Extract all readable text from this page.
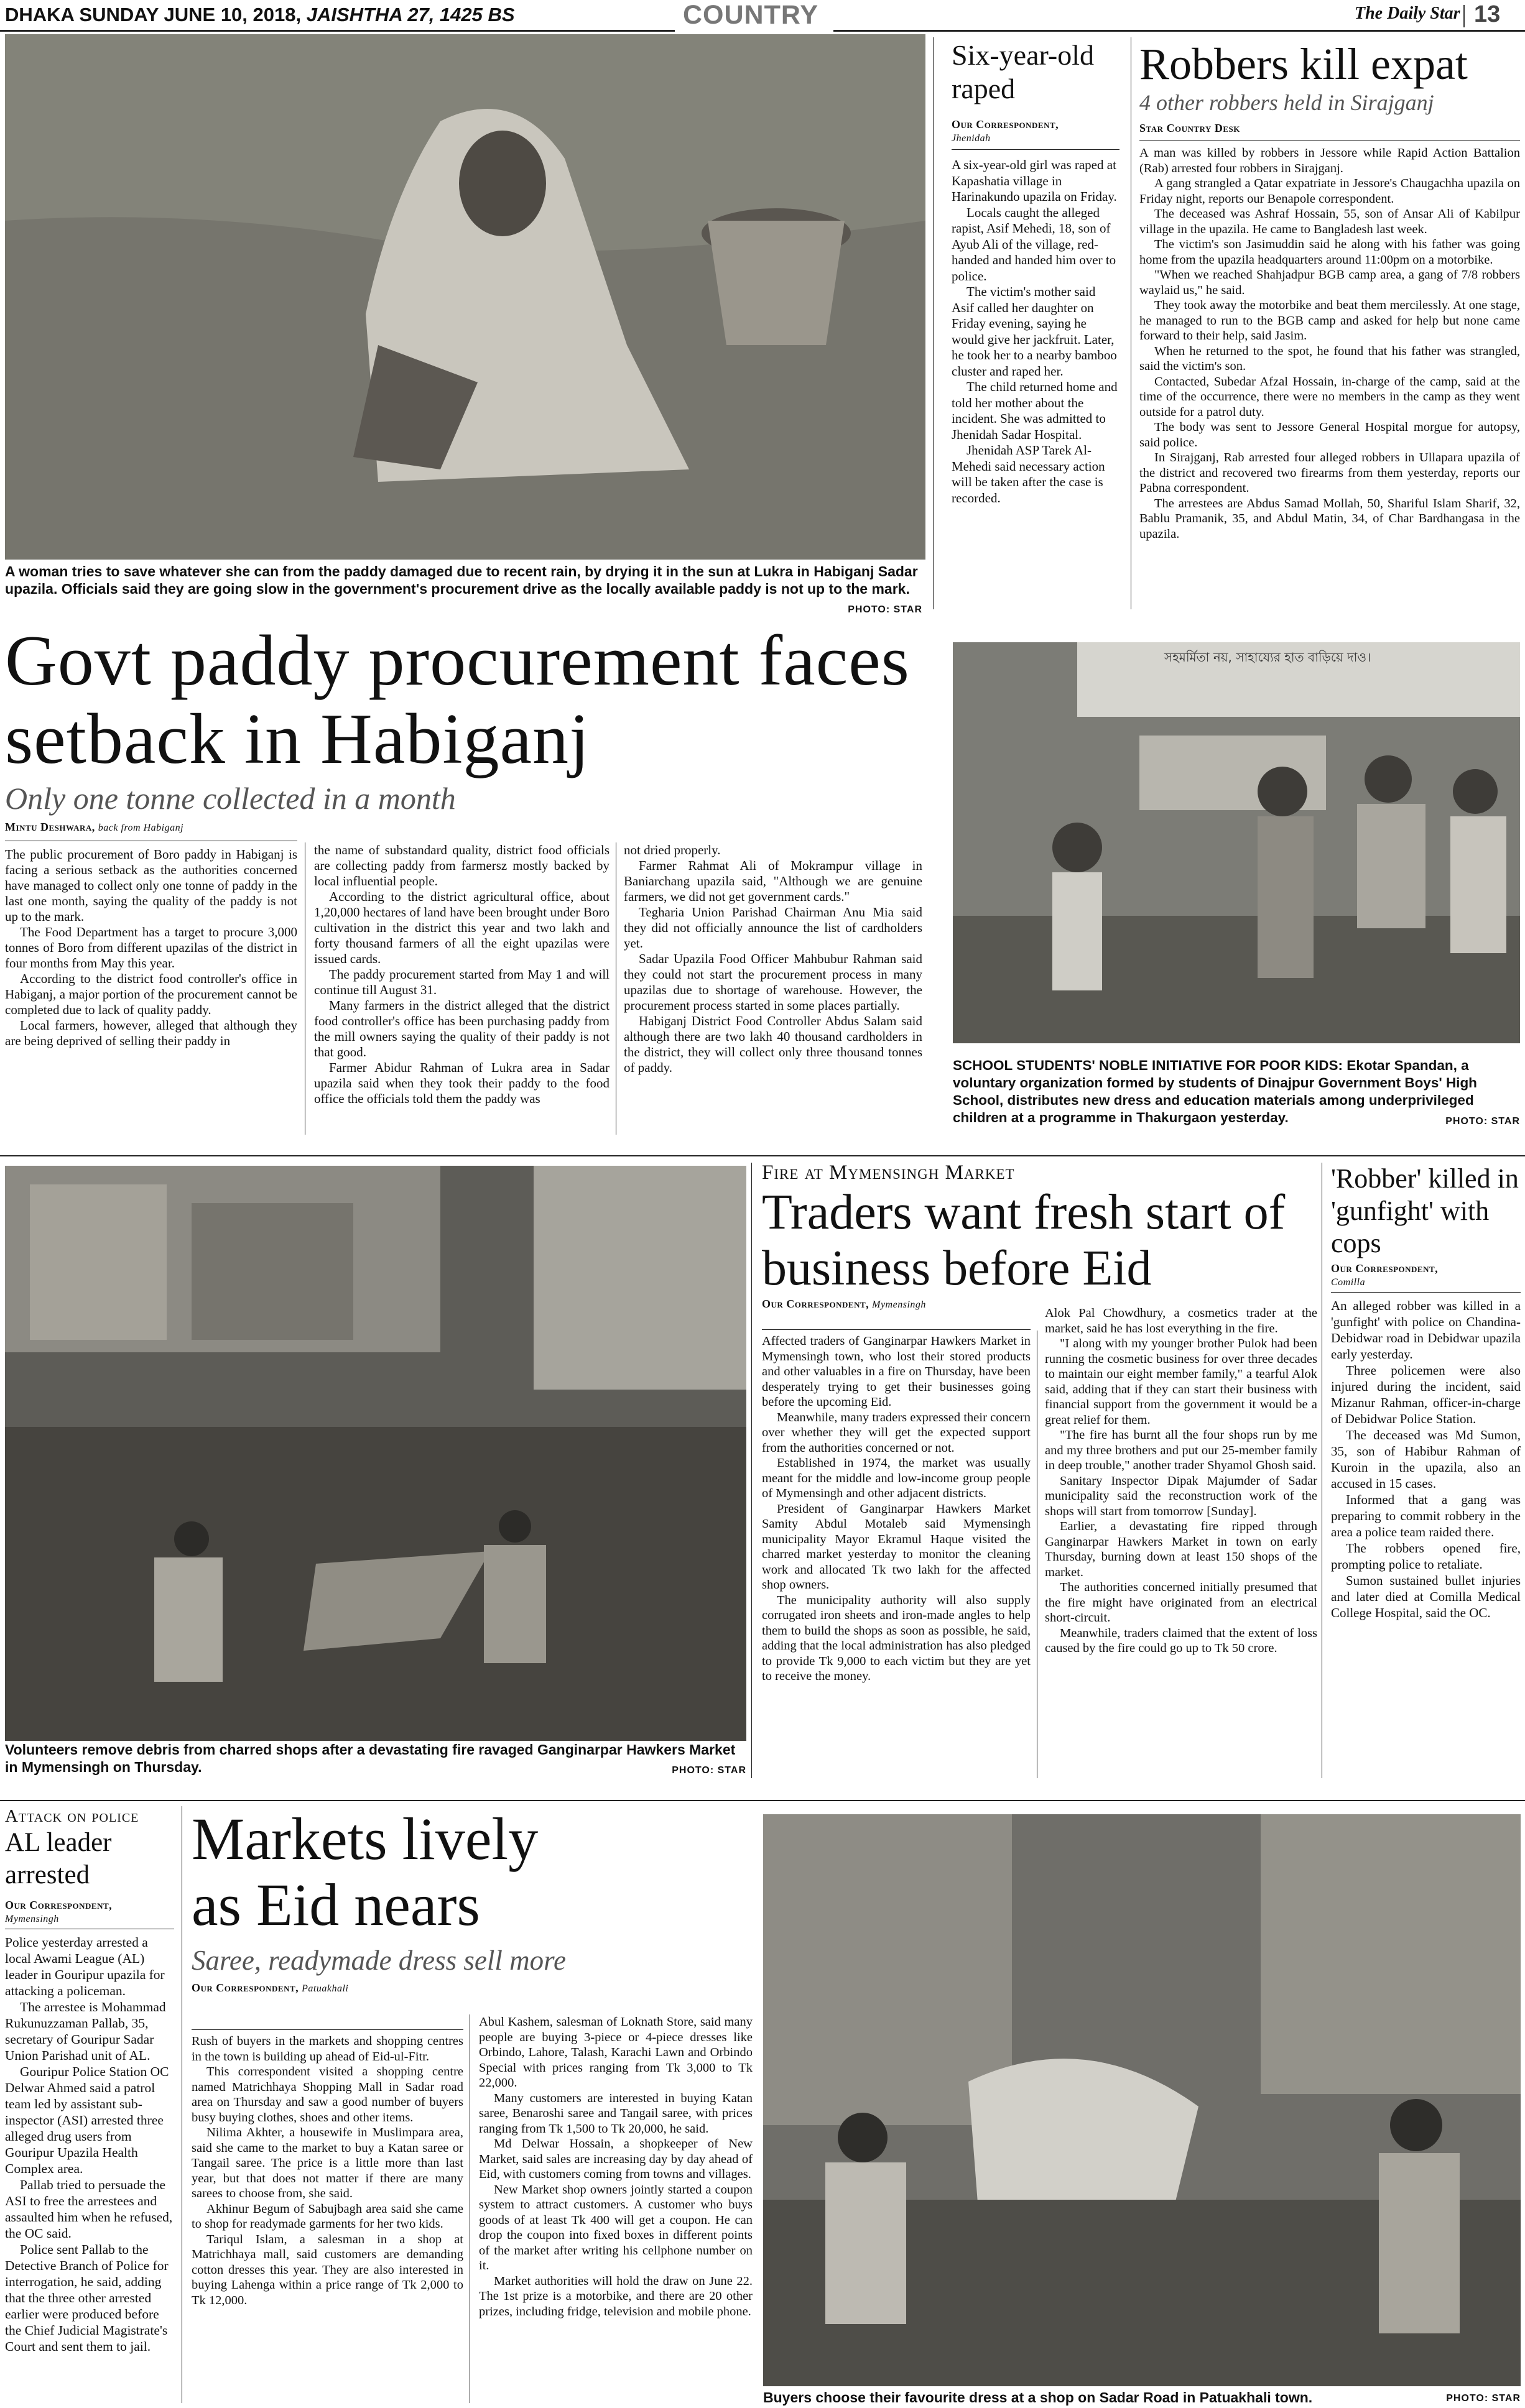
DHAKA SUNDAY JUNE 10, 2018, JAISHTHA 27, 1425 BS	COUNTRY	The Daily Star 13
A woman tries to save whatever she can from the paddy damaged due to recent rain, by drying it in the sun at Lukra in Habiganj Sadar upazila. Officials said they are going slow in the government's procurement drive as the locally available paddy is not up to the mark.
PHOTO: STAR
Six-year-old raped
Our Correspondent,
Jhenidah

A six-year-old girl was raped at Kapashatia village in Harinakundo upazila on Friday.

Locals caught the alleged rapist, Asif Mehedi, 18, son of Ayub Ali of the village, red-handed and handed him over to police.

The victim's mother said Asif called her daughter on Friday evening, saying he would give her jackfruit. Later, he took her to a nearby bamboo cluster and raped her.

The child returned home and told her mother about the incident. She was admitted to Jhenidah Sadar Hospital.

Jhenidah ASP Tarek Al-Mehedi said necessary action will be taken after the case is recorded.

Robbers kill expat
4 other robbers held in Sirajganj
Star Country Desk

A man was killed by robbers in Jessore while Rapid Action Battalion (Rab) arrested four robbers in Sirajganj.

A gang strangled a Qatar expatriate in Jessore's Chaugachha upazila on Friday night, reports our Benapole correspondent.

The deceased was Ashraf Hossain, 55, son of Ansar Ali of Kabilpur village in the upazila. He came to Bangladesh last week.

The victim's son Jasimuddin said he along with his father was going home from the upazila headquarters around 11:00pm on a motorbike.

"When we reached Shahjadpur BGB camp area, a gang of 7/8 robbers waylaid us," he said.

They took away the motorbike and beat them mercilessly. At one stage, he managed to run to the BGB camp and asked for help but none came forward to their help, said Jasim.

When he returned to the spot, he found that his father was strangled, said the victim's son.

Contacted, Subedar Afzal Hossain, in-charge of the camp, said at the time of the occurrence, there were no members in the camp as they went outside for a patrol duty.

The body was sent to Jessore General Hospital morgue for autopsy, said police.

In Sirajganj, Rab arrested four alleged robbers in Ullapara upazila of the district and recovered two firearms from them yesterday, reports our Pabna correspondent.

The arrestees are Abdus Samad Mollah, 50, Shariful Islam Sharif, 32, Bablu Pramanik, 35, and Abdul Matin, 34, of Char Bardhangasa in the upazila.

Govt paddy procurement faces setback in Habiganj
Only one tonne collected in a month
Mintu Deshwara, back from Habiganj

The public procurement of Boro paddy in Habiganj is facing a serious setback as the authorities concerned have managed to collect only one tonne of paddy in the last one month, saying the quality of the paddy is not up to the mark.

The Food Department has a target to procure 3,000 tonnes of Boro from different upazilas of the district in four months from May this year.

According to the district food controller's office in Habiganj, a major portion of the procurement cannot be completed due to lack of quality paddy.

Local farmers, however, alleged that although they are being deprived of selling their paddy in

the name of substandard quality, district food officials are collecting paddy from farmersz mostly backed by local influential people.

According to the district agricultural office, about 1,20,000 hectares of land have been brought under Boro cultivation in the district this year and two lakh and forty thousand farmers of all the eight upazilas were issued cards.

The paddy procurement started from May 1 and will continue till August 31.

Many farmers in the district alleged that the district food controller's office has been purchasing paddy from the mill owners saying the quality of their paddy is not that good.

Farmer Abidur Rahman of Lukra area in Sadar upazila said when they took their paddy to the food office the officials told them the paddy was

not dried properly.

Farmer Rahmat Ali of Mokrampur village in Baniarchang upazila said, "Although we are genuine farmers, we did not get government cards."

Tegharia Union Parishad Chairman Anu Mia said they did not officially announce the list of cardholders yet.

Sadar Upazila Food Officer Mahbubur Rahman said they could not start the procurement process in many upazilas due to shortage of warehouse. However, the procurement process started in some places partially.

Habiganj District Food Controller Abdus Salam said although there are two lakh 40 thousand cardholders in the district, they will collect only three thousand tonnes of paddy.

সহমর্মিতা নয়, সাহায্যের হাত বাড়িয়ে দাও।
SCHOOL STUDENTS' NOBLE INITIATIVE FOR POOR KIDS: Ekotar Spandan, a voluntary organization formed by students of Dinajpur Government Boys' High School, distributes new dress and education materials among underprivileged children at a programme in Thakurgaon yesterday.	PHOTO: STAR
Volunteers remove debris from charred shops after a devastating fire ravaged Ganginarpar Hawkers Market in Mymensingh on Thursday.	PHOTO: STAR
Fire at Mymensingh Market
Traders want fresh start of business before Eid
Our Correspondent, Mymensingh

Affected traders of Ganginarpar Hawkers Market in Mymensingh town, who lost their stored products and other valuables in a fire on Thursday, have been desperately trying to get their businesses going before the upcoming Eid.

Meanwhile, many traders expressed their concern over whether they will get the expected support from the authorities concerned or not.

Established in 1974, the market was usually meant for the middle and low-income group people of Mymensingh and other adjacent districts.

President of Ganginarpar Hawkers Market Samity Abdul Motaleb said Mymensingh municipality Mayor Ekramul Haque visited the charred market yesterday to monitor the cleaning work and allocated Tk two lakh for the affected shop owners.

The municipality authority will also supply corrugated iron sheets and iron-made angles to help them to build the shops as soon as possible, he said, adding that the local administration has also pledged to provide Tk 9,000 to each victim but they are yet to receive the money.

Alok Pal Chowdhury, a cosmetics trader at the market, said he has lost everything in the fire.

"I along with my younger brother Pulok had been running the cosmetic business for over three decades to maintain our eight member family," a tearful Alok said, adding that if they can start their business with financial support from the government it would be a great relief for them.

"The fire has burnt all the four shops run by me and my three brothers and put our 25-member family in deep trouble," another trader Shyamol Ghosh said.

Sanitary Inspector Dipak Majumder of Sadar municipality said the reconstruction work of the shops will start from tomorrow [Sunday].

Earlier, a devastating fire ripped through Ganginarpar Hawkers Market in town on early Thursday, burning down at least 150 shops of the market.

The authorities concerned initially presumed that the fire might have originated from an electrical short-circuit.

Meanwhile, traders claimed that the extent of loss caused by the fire could go up to Tk 50 crore.

'Robber' killed in 'gunfight' with cops
Our Correspondent,
Comilla

An alleged robber was killed in a 'gunfight' with police on Chandina- Debidwar road in Debidwar upazila early yesterday.

Three policemen were also injured during the incident, said Mizanur Rahman, officer-in-charge of Debidwar Police Station.

The deceased was Md Sumon, 35, son of Habibur Rahman of Kuroin in the upazila, also an accused in 15 cases.

Informed that a gang was preparing to commit robbery in the area a police team raided there.

The robbers opened fire, prompting police to retaliate.

Sumon sustained bullet injuries and later died at Comilla Medical College Hospital, said the OC.

Attack on police
AL leader arrested
Our Correspondent,
Mymensingh

Police yesterday arrested a local Awami League (AL) leader in Gouripur upazila for attacking a policeman.

The arrestee is Mohammad Rukunuzzaman Pallab, 35, secretary of Gouripur Sadar Union Parishad unit of AL.

Gouripur Police Station OC Delwar Ahmed said a patrol team led by assistant sub-inspector (ASI) arrested three alleged drug users from Gouripur Upazila Health Complex area.

Pallab tried to persuade the ASI to free the arrestees and assaulted him when he refused, the OC said.

Police sent Pallab to the Detective Branch of Police for interrogation, he said, adding that the three other arrested earlier were produced before the Chief Judicial Magistrate's Court and sent them to jail.

Markets lively as Eid nears
Saree, readymade dress sell more
Our Correspondent, Patuakhali

Rush of buyers in the markets and shopping centres in the town is building up ahead of Eid-ul-Fitr.

This correspondent visited a shopping centre named Matrichhaya Shopping Mall in Sadar road area on Thursday and saw a good number of buyers busy buying clothes, shoes and other items.

Nilima Akhter, a housewife in Muslimpara area, said she came to the market to buy a Katan saree or Tangail saree. The price is a little more than last year, but that does not matter if there are many sarees to choose from, she said.

Akhinur Begum of Sabujbagh area said she came to shop for readymade garments for her two kids.

Tariqul Islam, a salesman in a shop at Matrichhaya mall, said customers are demanding cotton dresses this year. They are also interested in buying Lahenga within a price range of Tk 2,000 to Tk 12,000.

Abul Kashem, salesman of Loknath Store, said many people are buying 3-piece or 4-piece dresses like Orbindo, Lahore, Talash, Karachi Lawn and Orbindo Special with prices ranging from Tk 3,000 to Tk 22,000.

Many customers are interested in buying Katan saree, Benaroshi saree and Tangail saree, with prices ranging from Tk 1,500 to Tk 20,000, he said.

Md Delwar Hossain, a shopkeeper of New Market, said sales are increasing day by day ahead of Eid, with customers coming from towns and villages.

New Market shop owners jointly started a coupon system to attract customers. A customer who buys goods of at least Tk 400 will get a coupon. He can drop the coupon into fixed boxes in different points of the market after writing his cellphone number on it.

Market authorities will hold the draw on June 22. The 1st prize is a motorbike, and there are 20 other prizes, including fridge, television and mobile phone.

Buyers choose their favourite dress at a shop on Sadar Road in Patuakhali town.	PHOTO: STAR
